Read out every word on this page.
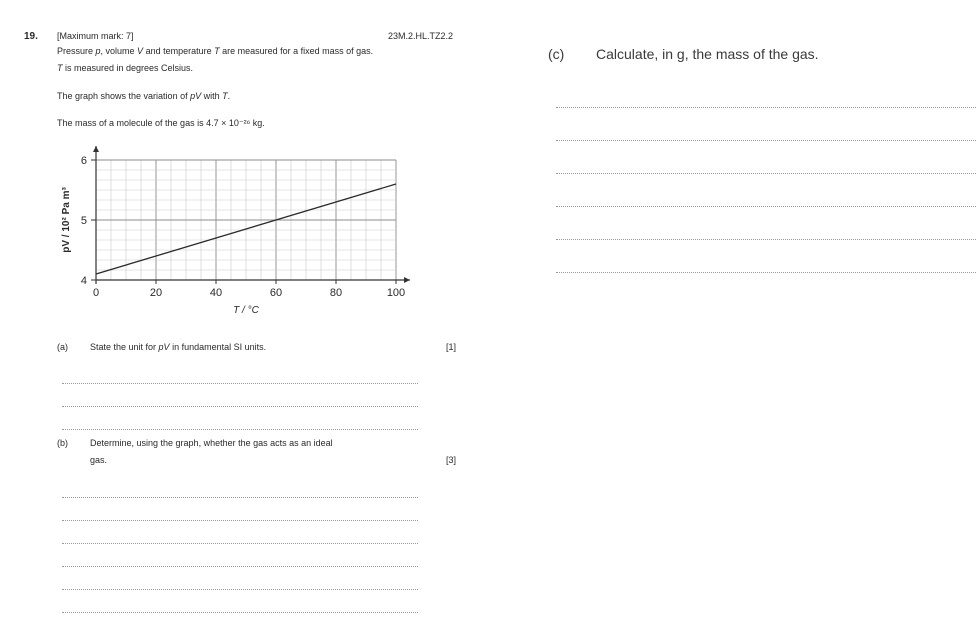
19. [Maximum mark: 7]	23M.2.HL.TZ2.2
Pressure p, volume V and temperature T are measured for a fixed mass of gas.
T is measured in degrees Celsius.
The graph shows the variation of pV with T.
The mass of a molecule of the gas is 4.7 × 10⁻²⁶ kg.
0	20	40	60	80	100
4
5
6
T / °C
pV / 10² Pa m³
(a) State the unit for pV in fundamental SI units.	[1]
(b) Determine, using the graph, whether the gas acts as an ideal
gas.	[3]
(c) Calculate, in g, the mass of the gas.
